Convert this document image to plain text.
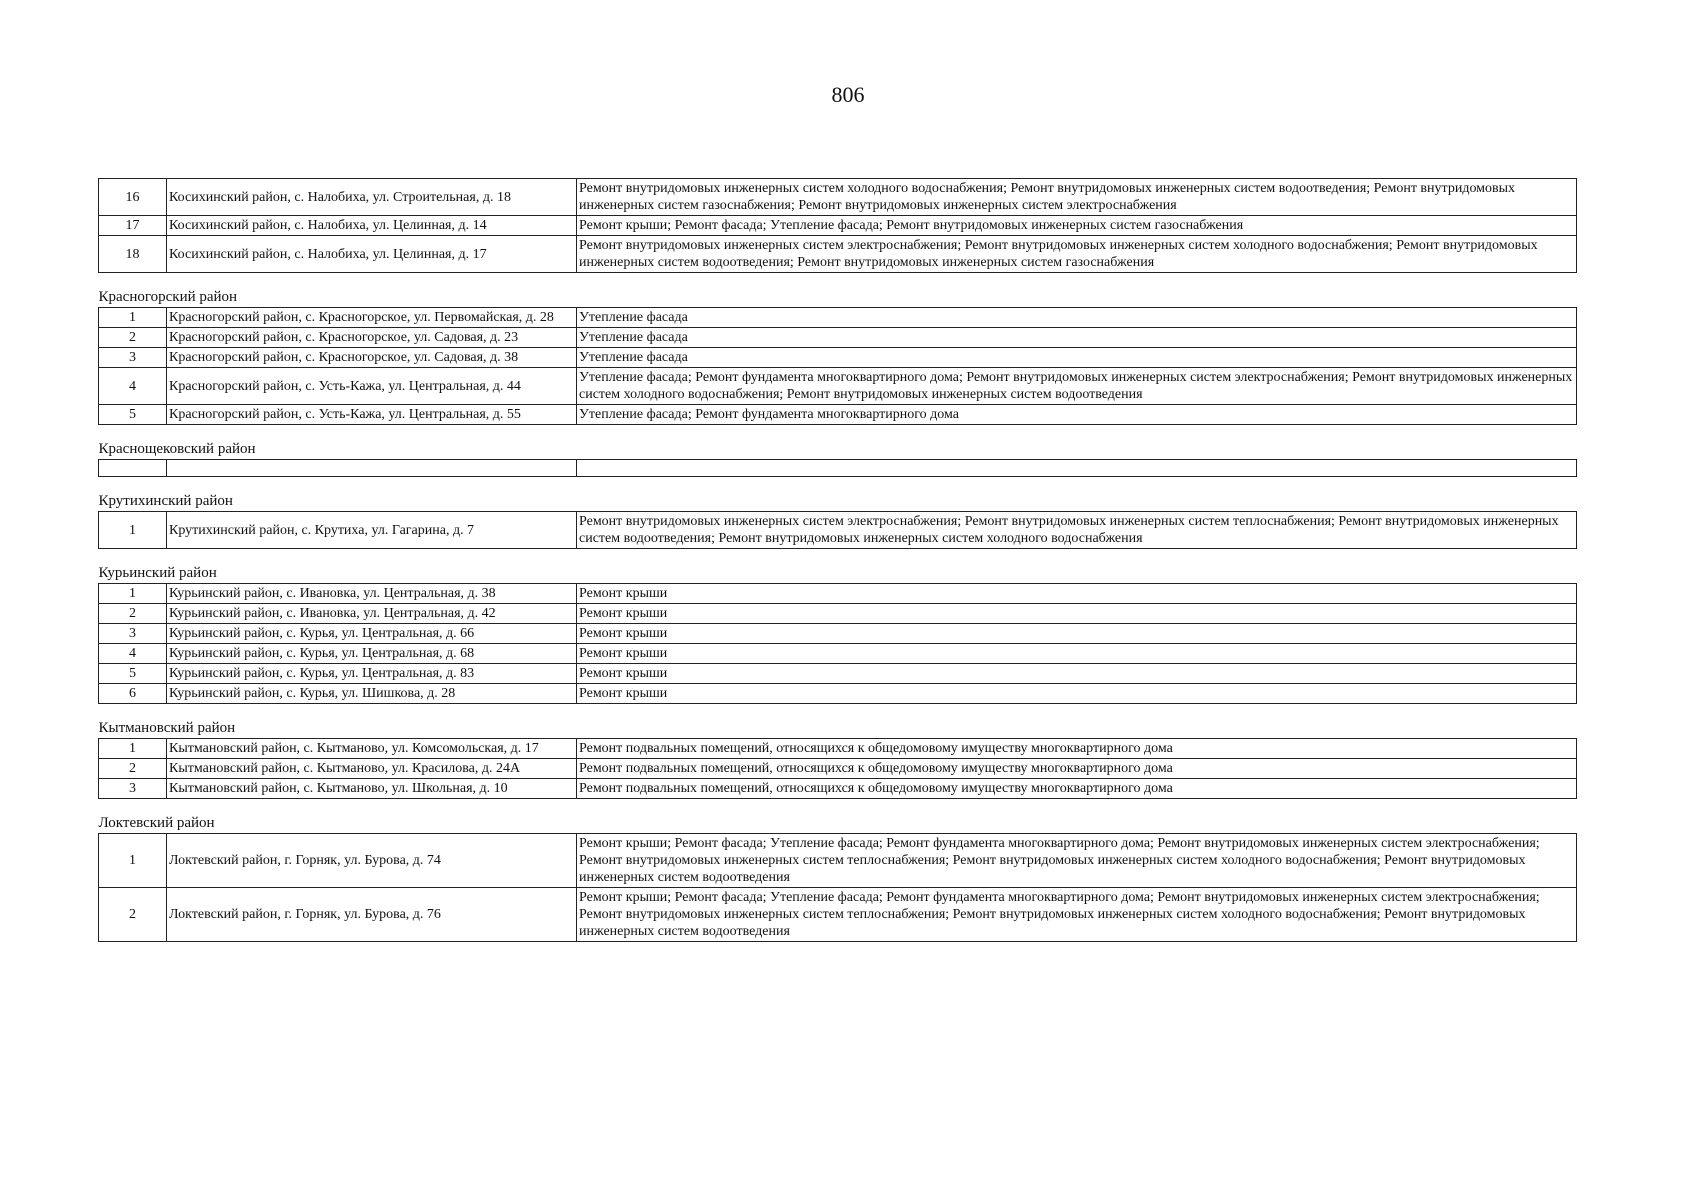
806
16	Косихинский район, с. Налобиха, ул. Строительная, д. 18	Ремонт внутридомовых инженерных систем холодного водоснабжения; Ремонт внутридомовых инженерных систем водоотведения; Ремонт внутридомовых инженерных систем газоснабжения; Ремонт внутридомовых инженерных систем электроснабжения
17	Косихинский район, с. Налобиха, ул. Целинная, д. 14	Ремонт крыши; Ремонт фасада; Утепление фасада; Ремонт внутридомовых инженерных систем газоснабжения
18	Косихинский район, с. Налобиха, ул. Целинная, д. 17	Ремонт внутридомовых инженерных систем электроснабжения; Ремонт внутридомовых инженерных систем холодного водоснабжения; Ремонт внутридомовых инженерных систем водоотведения; Ремонт внутридомовых инженерных систем газоснабжения
Красногорский район		
1	Красногорский район, с. Красногорское, ул. Первомайская, д. 28	Утепление фасада
2	Красногорский район, с. Красногорское, ул. Садовая, д. 23	Утепление фасада
3	Красногорский район, с. Красногорское, ул. Садовая, д. 38	Утепление фасада
4	Красногорский район, с. Усть-Кажа, ул. Центральная, д. 44	Утепление фасада; Ремонт фундамента многоквартирного дома; Ремонт внутридомовых инженерных систем электроснабжения; Ремонт внутридомовых инженерных систем холодного водоснабжения; Ремонт внутридомовых инженерных систем водоотведения
5	Красногорский район, с. Усть-Кажа, ул. Центральная, д. 55	Утепление фасада; Ремонт фундамента многоквартирного дома
Краснощековский район		

Крутихинский район		
1	Крутихинский район, с. Крутиха, ул. Гагарина, д. 7	Ремонт внутридомовых инженерных систем электроснабжения; Ремонт внутридомовых инженерных систем теплоснабжения; Ремонт внутридомовых инженерных систем водоотведения; Ремонт внутридомовых инженерных систем холодного водоснабжения
Курьинский район		
1	Курьинский район, с. Ивановка, ул. Центральная, д. 38	Ремонт крыши
2	Курьинский район, с. Ивановка, ул. Центральная, д. 42	Ремонт крыши
3	Курьинский район, с. Курья, ул. Центральная, д. 66	Ремонт крыши
4	Курьинский район, с. Курья, ул. Центральная, д. 68	Ремонт крыши
5	Курьинский район, с. Курья, ул. Центральная, д. 83	Ремонт крыши
6	Курьинский район, с. Курья, ул. Шишкова, д. 28	Ремонт крыши
Кытмановский район		
1	Кытмановский район, с. Кытманово, ул. Комсомольская, д. 17	Ремонт подвальных помещений, относящихся к общедомовому имуществу многоквартирного дома
2	Кытмановский район, с. Кытманово, ул. Красилова, д. 24А	Ремонт подвальных помещений, относящихся к общедомовому имуществу многоквартирного дома
3	Кытмановский район, с. Кытманово, ул. Школьная, д. 10	Ремонт подвальных помещений, относящихся к общедомовому имуществу многоквартирного дома
Локтевский район		
1	Локтевский район, г. Горняк, ул. Бурова, д. 74	Ремонт крыши; Ремонт фасада; Утепление фасада; Ремонт фундамента многоквартирного дома; Ремонт внутридомовых инженерных систем электроснабжения; Ремонт внутридомовых инженерных систем теплоснабжения; Ремонт внутридомовых инженерных систем холодного водоснабжения; Ремонт внутридомовых инженерных систем водоотведения
2	Локтевский район, г. Горняк, ул. Бурова, д. 76	Ремонт крыши; Ремонт фасада; Утепление фасада; Ремонт фундамента многоквартирного дома; Ремонт внутридомовых инженерных систем электроснабжения; Ремонт внутридомовых инженерных систем теплоснабжения; Ремонт внутридомовых инженерных систем холодного водоснабжения; Ремонт внутридомовых инженерных систем водоотведения
